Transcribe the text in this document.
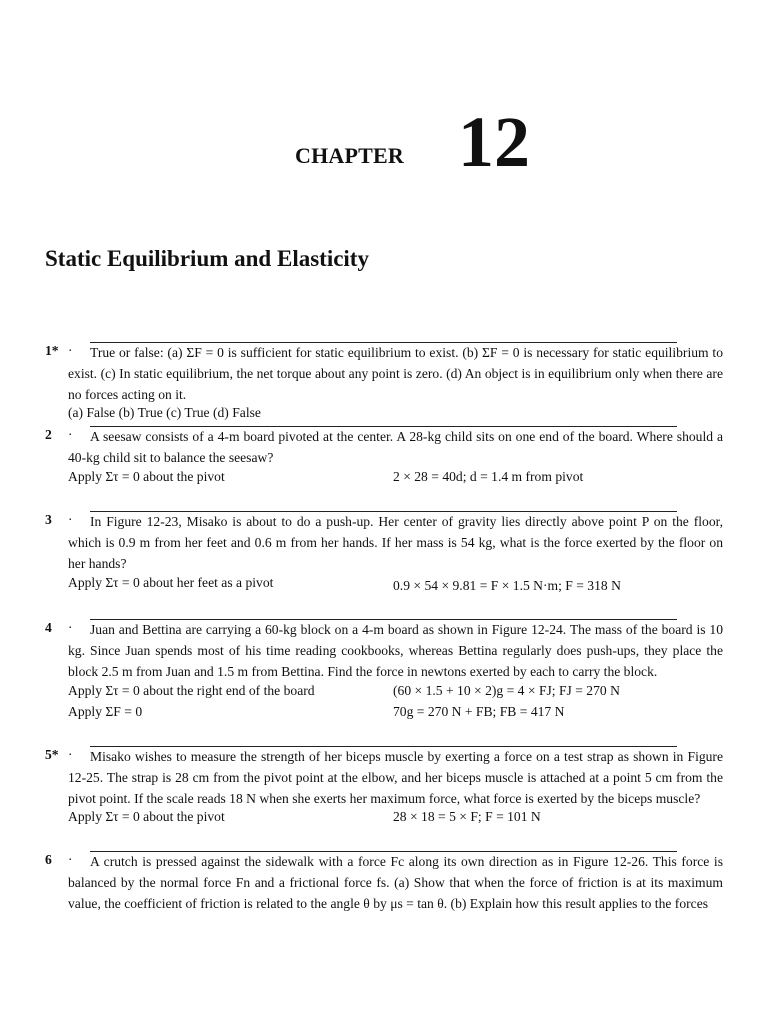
CHAPTER 12
Static Equilibrium and Elasticity
1* ·	True or false: (a) ΣF = 0 is sufficient for static equilibrium to exist. (b) ΣF = 0 is necessary for static equilibrium to exist. (c) In static equilibrium, the net torque about any point is zero. (d) An object is in equilibrium only when there are no forces acting on it.
(a) False (b) True (c) True (d) False
2 ·	A seesaw consists of a 4-m board pivoted at the center. A 28-kg child sits on one end of the board. Where should a 40-kg child sit to balance the seesaw?
Apply Στ = 0 about the pivot	2 × 28 = 40d; d = 1.4 m from pivot
3 ·	In Figure 12-23, Misako is about to do a push-up. Her center of gravity lies directly above point P on the floor, which is 0.9 m from her feet and 0.6 m from her hands. If her mass is 54 kg, what is the force exerted by the floor on her hands?
Apply Στ = 0 about her feet as a pivot	0.9 × 54 × 9.81 = F × 1.5 N·m; F = 318 N
4 ·	Juan and Bettina are carrying a 60-kg block on a 4-m board as shown in Figure 12-24. The mass of the board is 10 kg. Since Juan spends most of his time reading cookbooks, whereas Bettina regularly does push-ups, they place the block 2.5 m from Juan and 1.5 m from Bettina. Find the force in newtons exerted by each to carry the block.
Apply Στ = 0 about the right end of the board	(60 × 1.5 + 10 × 2)g = 4 × FJ; FJ = 270 N
Apply ΣF = 0	70g = 270 N + FB; FB = 417 N
5* ·	Misako wishes to measure the strength of her biceps muscle by exerting a force on a test strap as shown in Figure 12-25. The strap is 28 cm from the pivot point at the elbow, and her biceps muscle is attached at a point 5 cm from the pivot point. If the scale reads 18 N when she exerts her maximum force, what force is exerted by the biceps muscle?
Apply Στ = 0 about the pivot	28 × 18 = 5 × F; F = 101 N
6 ·	A crutch is pressed against the sidewalk with a force Fc along its own direction as in Figure 12-26. This force is balanced by the normal force Fn and a frictional force fs. (a) Show that when the force of friction is at its maximum value, the coefficient of friction is related to the angle θ by μs = tan θ. (b) Explain how this result applies to the forces
